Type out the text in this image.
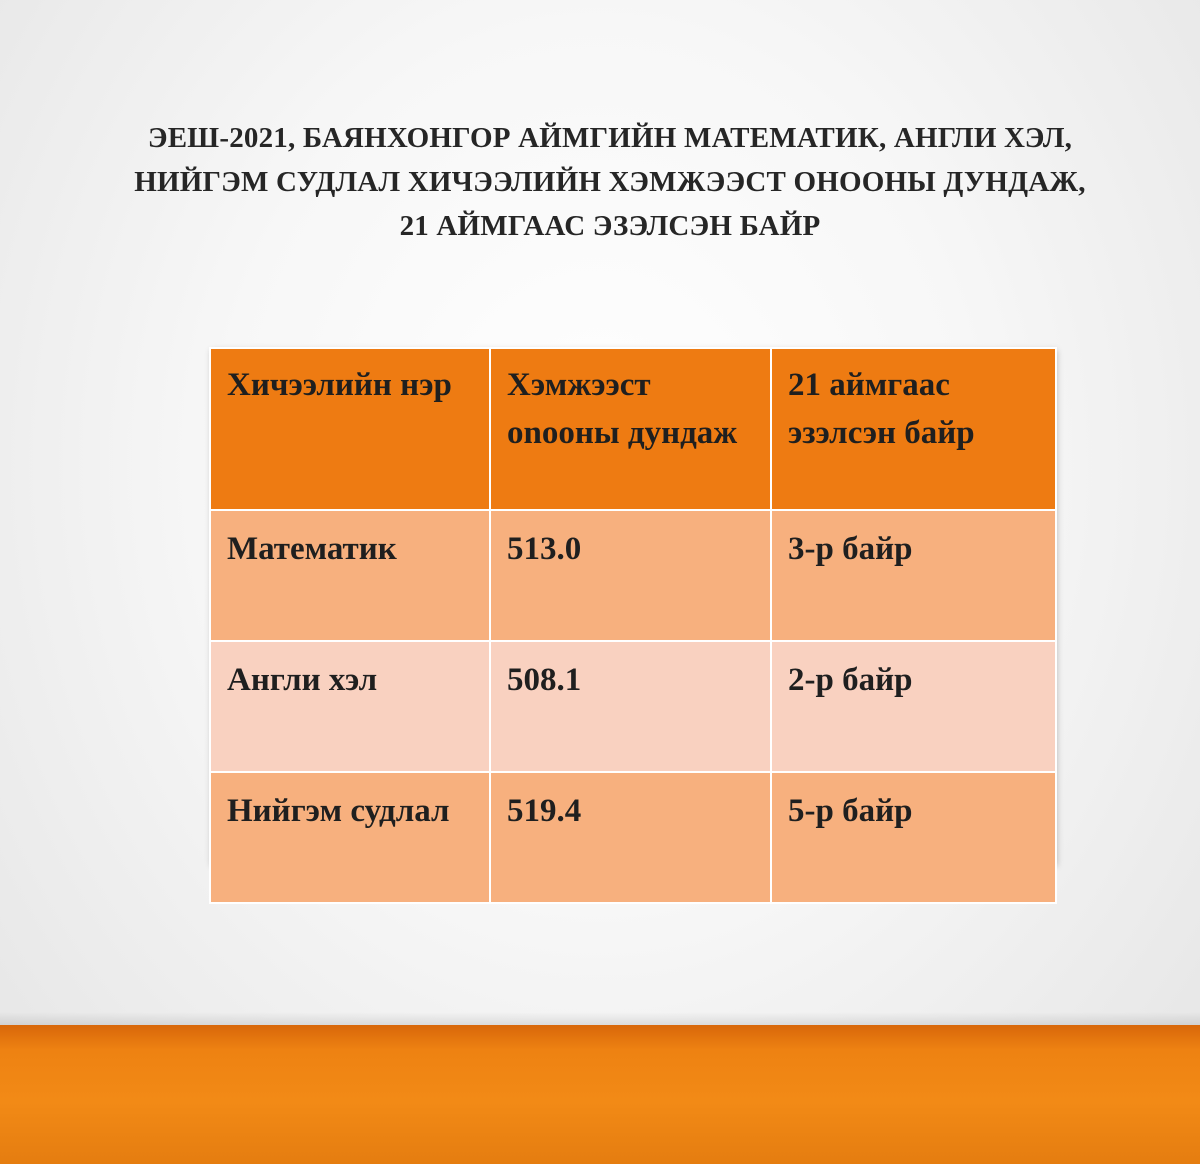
ЭЕШ-2021, БАЯНХОНГОР АЙМГИЙН МАТЕМАТИК, АНГЛИ ХЭЛ,
НИЙГЭМ СУДЛАЛ ХИЧЭЭЛИЙН ХЭМЖЭЭСТ ОНООНЫ ДУНДАЖ,
21 АЙМГААС ЭЗЭЛСЭН БАЙР
Хичээлийн нэр	Хэмжээст onooны дундаж	21 аймгаас эзэлсэн байр
Математик	513.0	3-р байр
Англи хэл	508.1	2-р байр
Нийгэм судлал	519.4	5-р байр
